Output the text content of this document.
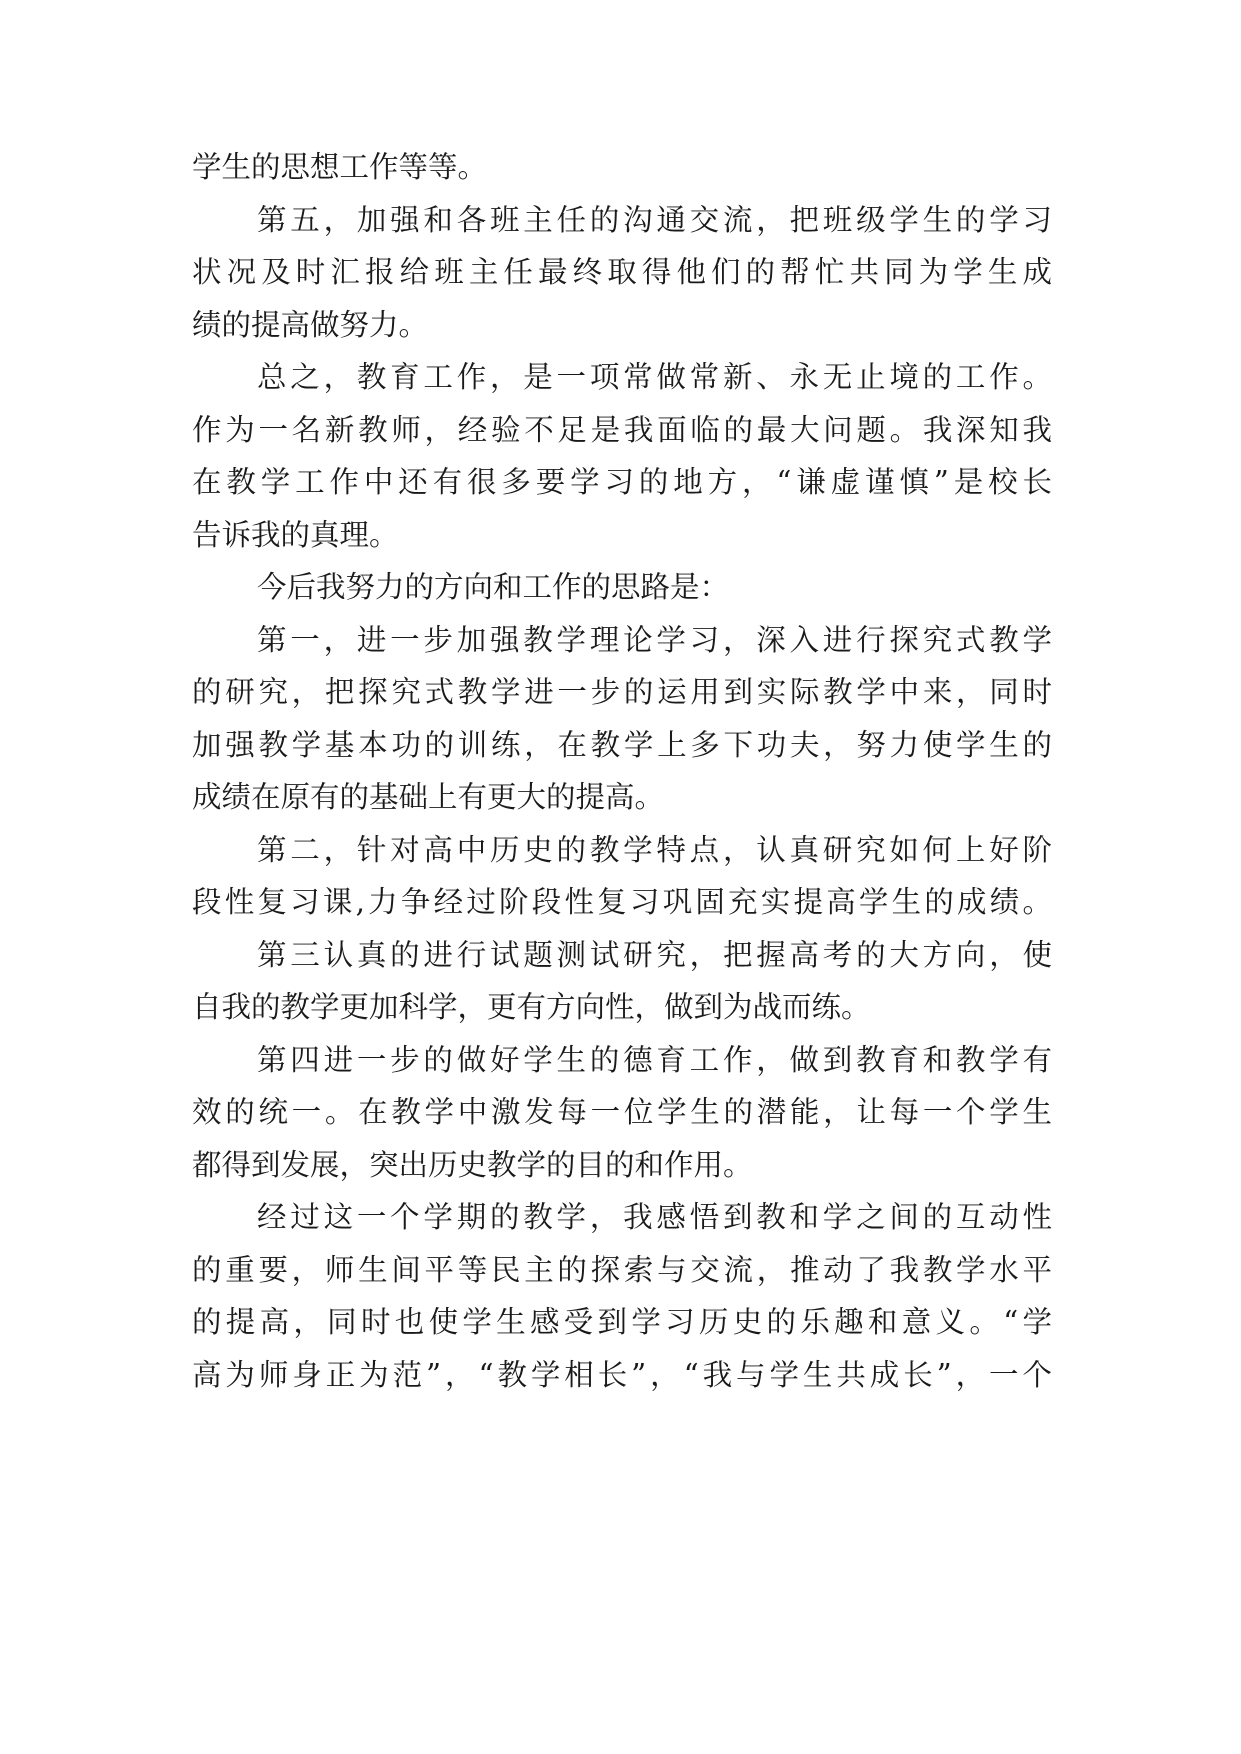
学生的思想工作等等。

第五，加强和各班主任的沟通交流，把班级学生的学习

状况及时汇报给班主任最终取得他们的帮忙共同为学生成

绩的提高做努力。

总之，教育工作，是一项常做常新、永无止境的工作。

作为一名新教师，经验不足是我面临的最大问题。我深知我

在教学工作中还有很多要学习的地方，“谦虚谨慎”是校长

告诉我的真理。

今后我努力的方向和工作的思路是：

第一，进一步加强教学理论学习，深入进行探究式教学

的研究，把探究式教学进一步的运用到实际教学中来，同时

加强教学基本功的训练，在教学上多下功夫，努力使学生的

成绩在原有的基础上有更大的提高。

第二，针对高中历史的教学特点，认真研究如何上好阶

段性复习课,力争经过阶段性复习巩固充实提高学生的成绩。

第三认真的进行试题测试研究，把握高考的大方向，使

自我的教学更加科学，更有方向性，做到为战而练。

第四进一步的做好学生的德育工作，做到教育和教学有

效的统一。在教学中激发每一位学生的潜能，让每一个学生

都得到发展，突出历史教学的目的和作用。

经过这一个学期的教学，我感悟到教和学之间的互动性

的重要，师生间平等民主的探索与交流，推动了我教学水平

的提高，同时也使学生感受到学习历史的乐趣和意义。“学

高为师身正为范”，“教学相长”，“我与学生共成长”，一个
